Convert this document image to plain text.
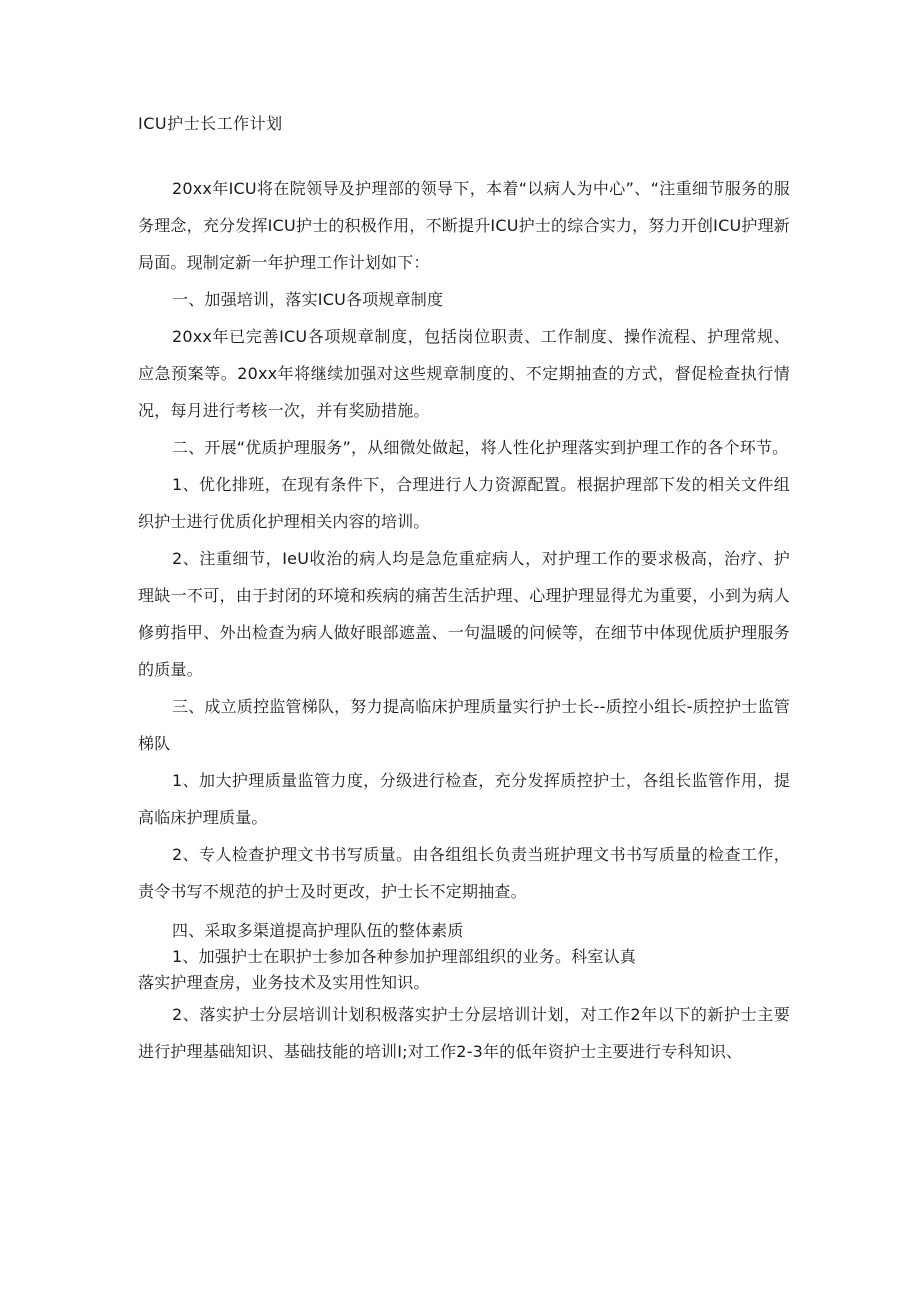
ICU护士长工作计划

20xx年ICU将在院领导及护理部的领导下，本着“以病人为中心”、“注重细节服务的服务理念，充分发挥ICU护士的积极作用，不断提升ICU护士的综合实力，努力开创ICU护理新局面。现制定新一年护理工作计划如下：

一、加强培训，落实ICU各项规章制度

20xx年已完善ICU各项规章制度，包括岗位职责、工作制度、操作流程、护理常规、应急预案等。20xx年将继续加强对这些规章制度的、不定期抽查的方式，督促检查执行情况，每月进行考核一次，并有奖励措施。

二、开展“优质护理服务”，从细微处做起，将人性化护理落实到护理工作的各个环节。

1、优化排班，在现有条件下，合理进行人力资源配置。根据护理部下发的相关文件组织护士进行优质化护理相关内容的培训。

2、注重细节，IeU收治的病人均是急危重症病人，对护理工作的要求极高，治疗、护理缺一不可，由于封闭的环境和疾病的痛苦生活护理、心理护理显得尤为重要，小到为病人修剪指甲、外出检查为病人做好眼部遮盖、一句温暖的问候等，在细节中体现优质护理服务的质量。

三、成立质控监管梯队，努力提高临床护理质量实行护士长--质控小组长-质控护士监管梯队

1、加大护理质量监管力度，分级进行检查，充分发挥质控护士，各组长监管作用，提高临床护理质量。

2、专人检查护理文书书写质量。由各组组长负责当班护理文书书写质量的检查工作，责令书写不规范的护士及时更改，护士长不定期抽查。

四、采取多渠道提高护理队伍的整体素质

1、加强护士在职护士参加各种参加护理部组织的业务。科室认真

落实护理查房，业务技术及实用性知识。

2、落实护士分层培训计划积极落实护士分层培训计划，对工作2年以下的新护士主要进行护理基础知识、基础技能的培训I;对工作2-3年的低年资护士主要进行专科知识、
